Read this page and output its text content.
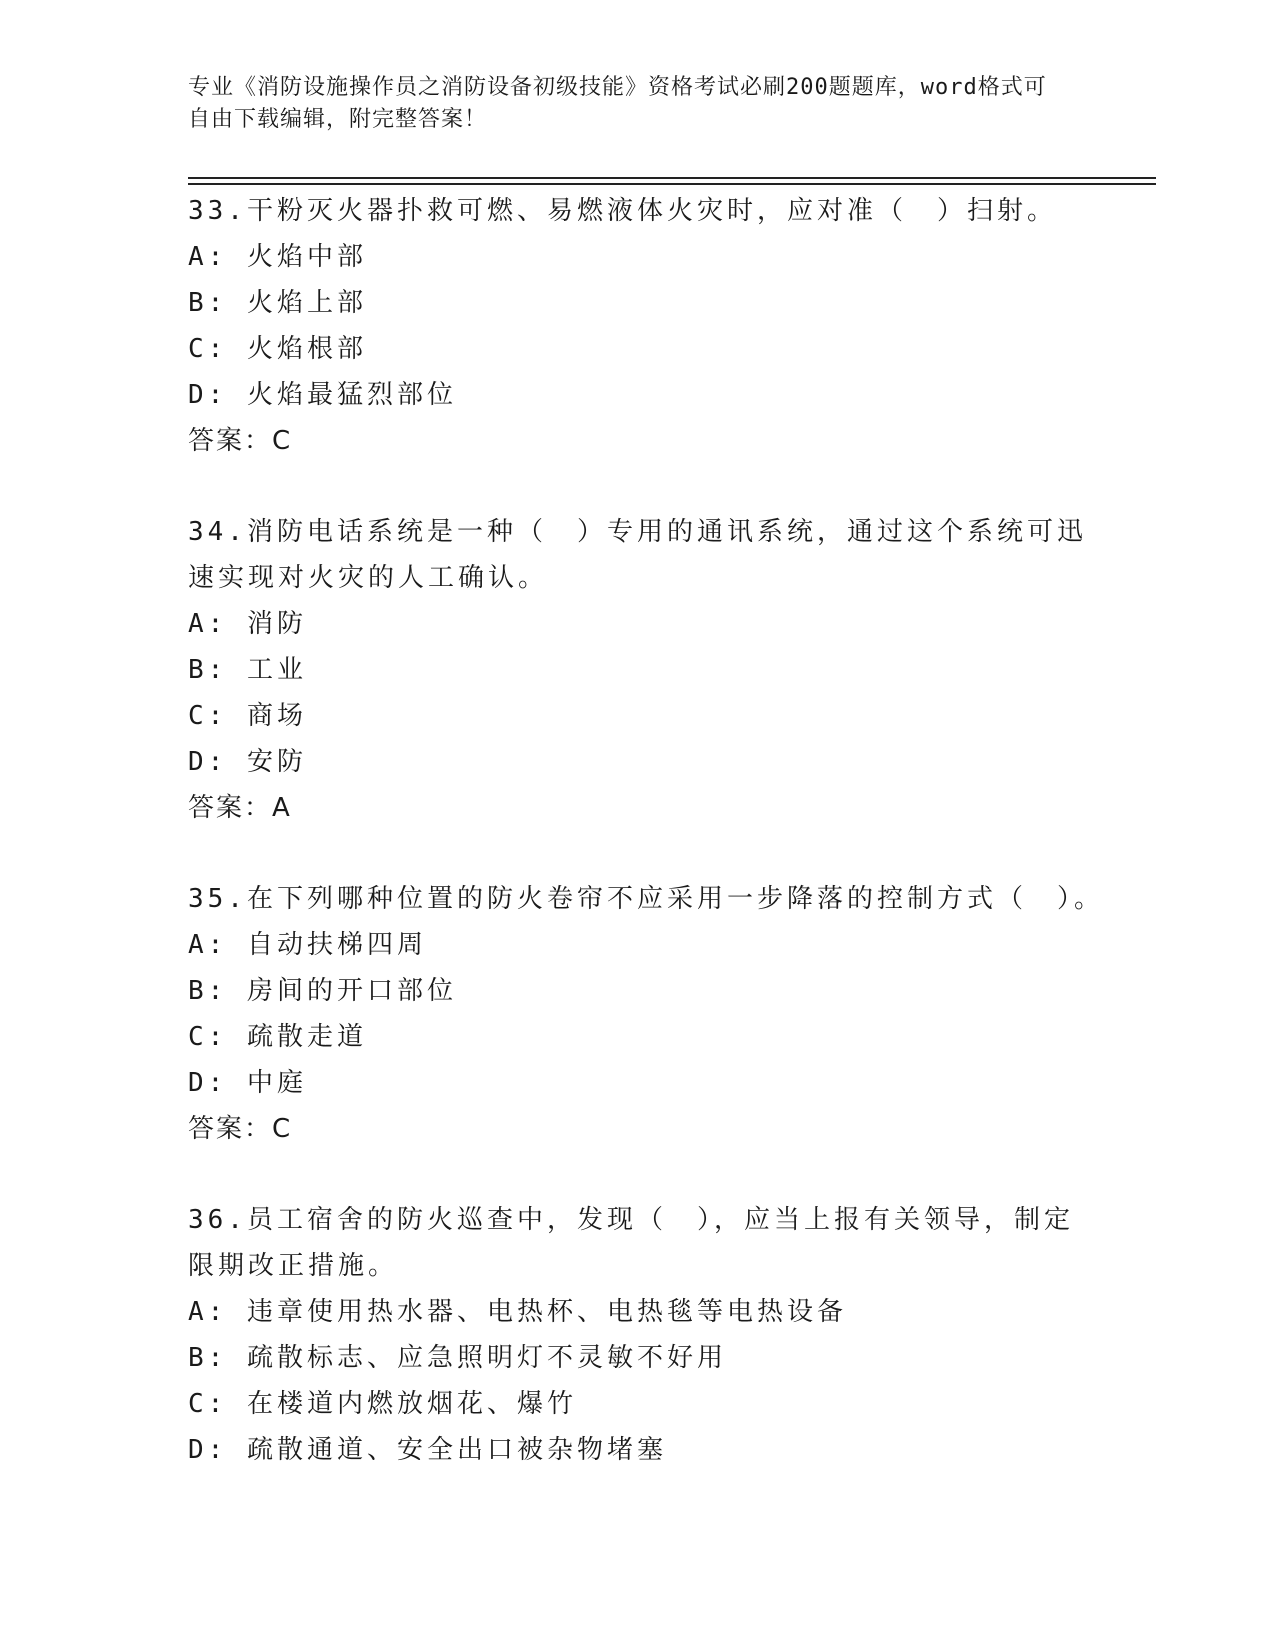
专业《消防设施操作员之消防设备初级技能》资格考试必刷200题题库，word格式可自由下载编辑，附完整答案！
33.干粉灭火器扑救可燃、易燃液体火灾时，应对准（　）扫射。
A: 火焰中部
B: 火焰上部
C: 火焰根部
D: 火焰最猛烈部位
答案：C
34.消防电话系统是一种（　）专用的通讯系统，通过这个系统可迅速实现对火灾的人工确认。
A: 消防
B: 工业
C: 商场
D: 安防
答案：A
35.在下列哪种位置的防火卷帘不应采用一步降落的控制方式（　）。
A: 自动扶梯四周
B: 房间的开口部位
C: 疏散走道
D: 中庭
答案：C
36.员工宿舍的防火巡查中，发现（　），应当上报有关领导，制定限期改正措施。
A: 违章使用热水器、电热杯、电热毯等电热设备
B: 疏散标志、应急照明灯不灵敏不好用
C: 在楼道内燃放烟花、爆竹
D: 疏散通道、安全出口被杂物堵塞
